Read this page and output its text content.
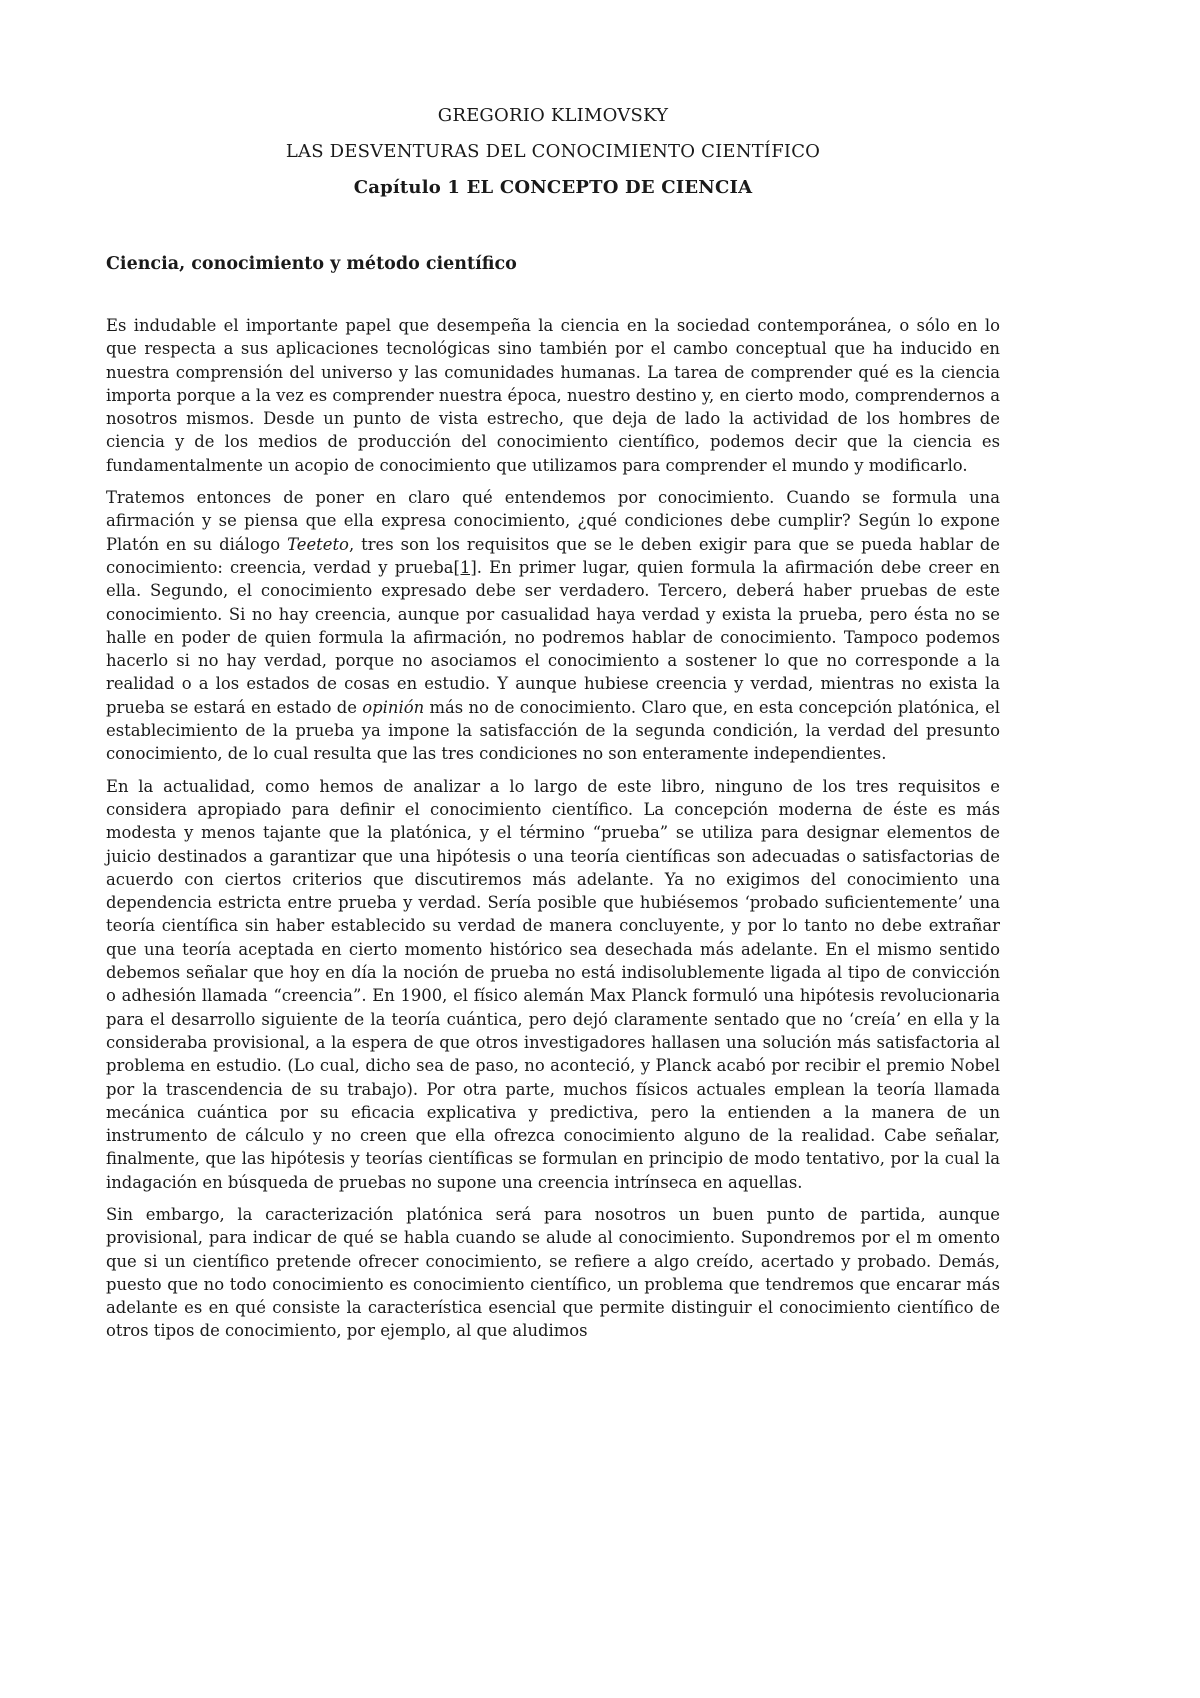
GREGORIO KLIMOVSKY
LAS DESVENTURAS DEL CONOCIMIENTO CIENTÍFICO
Capítulo 1 EL CONCEPTO DE CIENCIA
Ciencia, conocimiento y método científico

Es indudable el importante papel que desempeña la ciencia en la sociedad contemporánea, o sólo en lo que respecta a sus aplicaciones tecnológicas sino también por el cambo conceptual que ha inducido en nuestra comprensión del universo y las comunidades humanas. La tarea de comprender qué es la ciencia importa porque a la vez es comprender nuestra época, nuestro destino y, en cierto modo, comprendernos a nosotros mismos. Desde un punto de vista estrecho, que deja de lado la actividad de los hombres de ciencia y de los medios de producción del conocimiento científico, podemos decir que la ciencia es fundamentalmente un acopio de conocimiento que utilizamos para comprender el mundo y modificarlo.

Tratemos entonces de poner en claro qué entendemos por conocimiento. Cuando se formula una afirmación y se piensa que ella expresa conocimiento, ¿qué condiciones debe cumplir? Según lo expone Platón en su diálogo Teeteto, tres son los requisitos que se le deben exigir para que se pueda hablar de conocimiento: creencia, verdad y prueba[1]. En primer lugar, quien formula la afirmación debe creer en ella. Segundo, el conocimiento expresado debe ser verdadero. Tercero, deberá haber pruebas de este conocimiento. Si no hay creencia, aunque por casualidad haya verdad y exista la prueba, pero ésta no se halle en poder de quien formula la afirmación, no podremos hablar de conocimiento. Tampoco podemos hacerlo si no hay verdad, porque no asociamos el conocimiento a sostener lo que no corresponde a la realidad o a los estados de cosas en estudio. Y aunque hubiese creencia y verdad, mientras no exista la prueba se estará en estado de opinión más no de conocimiento. Claro que, en esta concepción platónica, el establecimiento de la prueba ya impone la satisfacción de la segunda condición, la verdad del presunto conocimiento, de lo cual resulta que las tres condiciones no son enteramente independientes.

En la actualidad, como hemos de analizar a lo largo de este libro, ninguno de los tres requisitos e considera apropiado para definir el conocimiento científico. La concepción moderna de éste es más modesta y menos tajante que la platónica, y el término “prueba” se utiliza para designar elementos de juicio destinados a garantizar que una hipótesis o una teoría científicas son adecuadas o satisfactorias de acuerdo con ciertos criterios que discutiremos más adelante. Ya no exigimos del conocimiento una dependencia estricta entre prueba y verdad. Sería posible que hubiésemos ‘probado suficientemente’ una teoría científica sin haber establecido su verdad de manera concluyente, y por lo tanto no debe extrañar que una teoría aceptada en cierto momento histórico sea desechada más adelante. En el mismo sentido debemos señalar que hoy en día la noción de prueba no está indisolublemente ligada al tipo de convicción o adhesión llamada “creencia”. En 1900, el físico alemán Max Planck formuló una hipótesis revolucionaria para el desarrollo siguiente de la teoría cuántica, pero dejó claramente sentado que no ‘creía’ en ella y la consideraba provisional, a la espera de que otros investigadores hallasen una solución más satisfactoria al problema en estudio. (Lo cual, dicho sea de paso, no aconteció, y Planck acabó por recibir el premio Nobel por la trascendencia de su trabajo). Por otra parte, muchos físicos actuales emplean la teoría llamada mecánica cuántica por su eficacia explicativa y predictiva, pero la entienden a la manera de un instrumento de cálculo y no creen que ella ofrezca conocimiento alguno de la realidad. Cabe señalar, finalmente, que las hipótesis y teorías científicas se formulan en principio de modo tentativo, por la cual la indagación en búsqueda de pruebas no supone una creencia intrínseca en aquellas.

Sin embargo, la caracterización platónica será para nosotros un buen punto de partida, aunque provisional, para indicar de qué se habla cuando se alude al conocimiento. Supondremos por el m omento que si un científico pretende ofrecer conocimiento, se refiere a algo creído, acertado y probado. Demás, puesto que no todo conocimiento es conocimiento científico, un problema que tendremos que encarar más adelante es en qué consiste la característica esencial que permite distinguir el conocimiento científico de otros tipos de conocimiento, por ejemplo, al que aludimos
